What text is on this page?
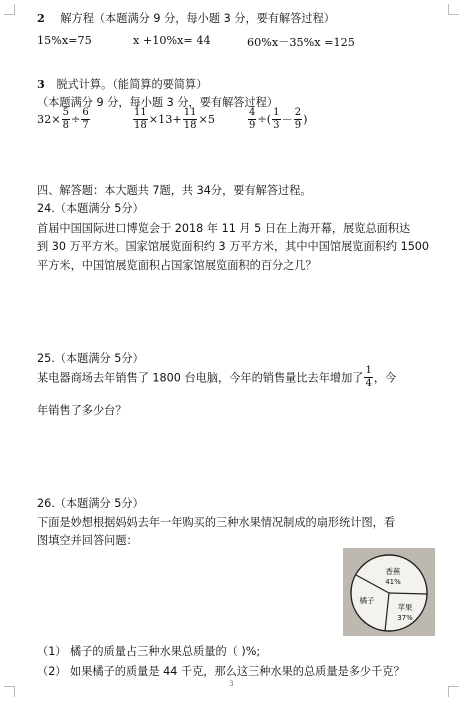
2 解方程（本题满分 9 分，每小题 3 分，要有解答过程）
15%x=75	x +10%x= 44	60%x－35%x =125
3 脱式计算。（能简算的要简算）
（本题满分 9 分，每小题 3 分，要有解答过程）
$32\times \frac{5}{8} \div \frac{6}{7}$	$\frac{11}{18} \times 13+ \frac{11}{18} \times 5$	$\frac{4}{9}$ ÷( $\frac{1}{3} - \frac{2}{9}$ )
四、解答题：本大题共 7题，共 34分，要有解答过程。
24.（本题满分 5分）
首届中国国际进口博览会于 2018 年 11 月 5 日在上海开幕，展览总面积达
到 30 万平方米。国家馆展览面积约 3 万平方米，其中中国馆展览面积约 1500
平方米，中国馆展览面积占国家馆展览面积的百分之几？
25.（本题满分 5分）
某电器商场去年销售了 1800 台电脑，今年的销售量比去年增加了 $\frac{1}{4}$ ，今
年销售了多少台？
26.（本题满分 5分）
下面是妙想根据妈妈去年一年购买的三种水果情况制成的扇形统计图，看
图填空并回答问题：
香蕉
41%
橘子
苹果
37%
（1） 橘子的质量占三种水果总质量的（ )%;
（2） 如果橘子的质量是 44 千克，那么这三种水果的总质量是多少千克？
3
